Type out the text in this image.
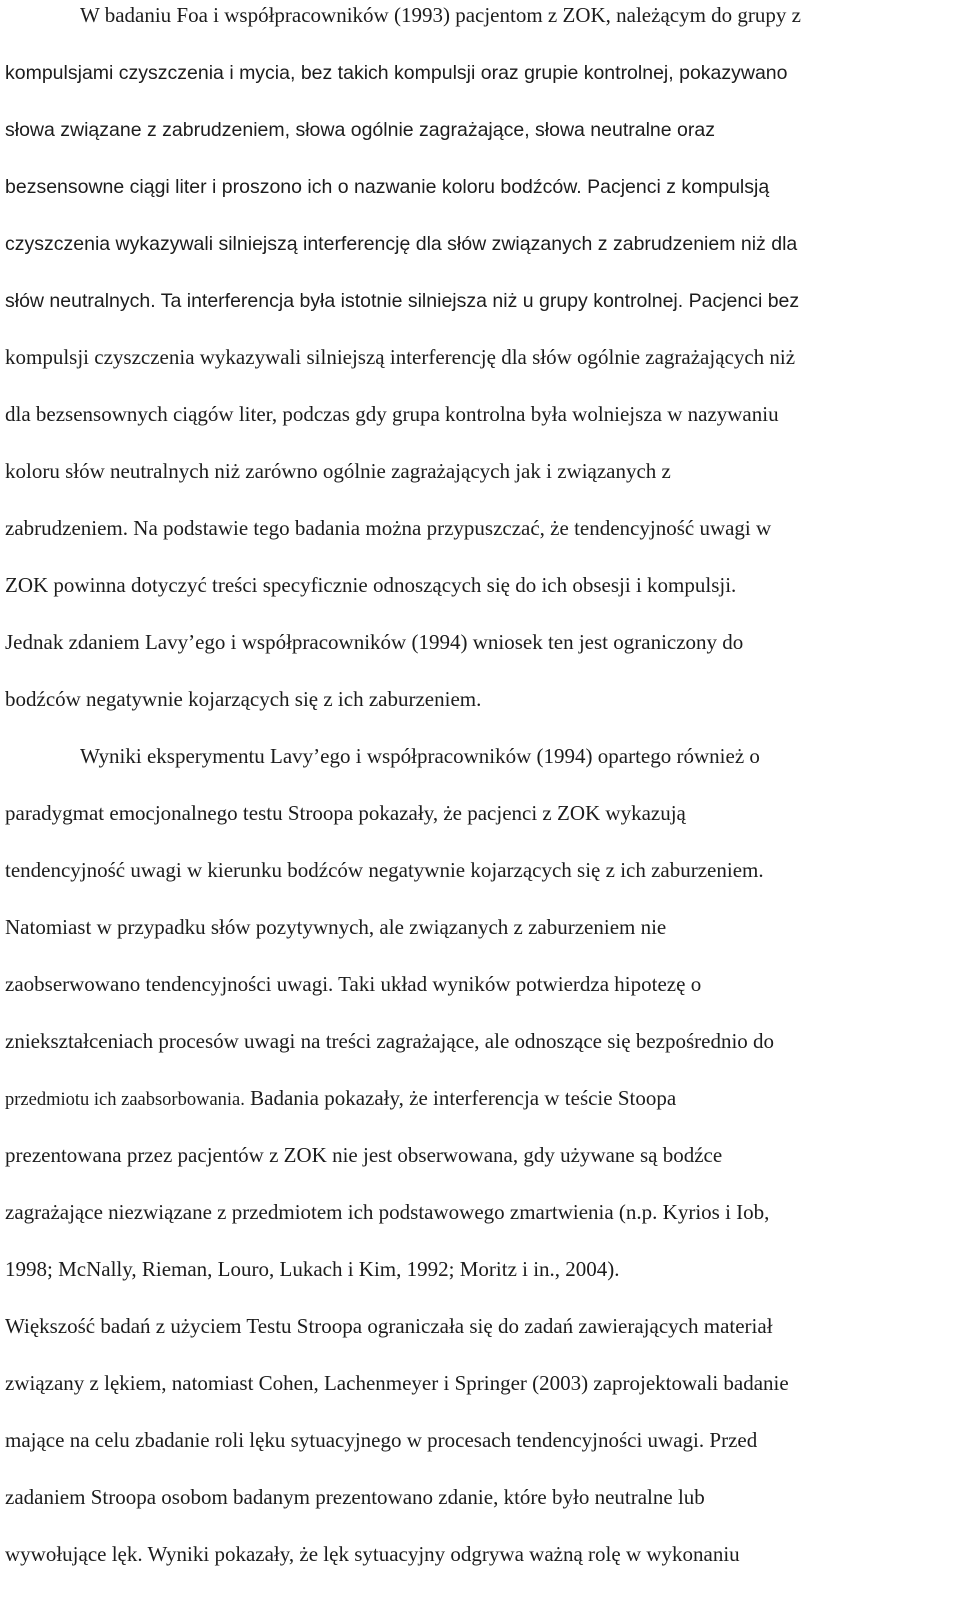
W badaniu Foa i współpracowników (1993) pacjentom z ZOK, należącym do grupy z
kompulsjami czyszczenia i mycia, bez takich kompulsji oraz grupie kontrolnej, pokazywano
słowa związane z zabrudzeniem, słowa ogólnie zagrażające, słowa neutralne oraz
bezsensowne ciągi liter i proszono ich o nazwanie koloru bodźców. Pacjenci z kompulsją
czyszczenia wykazywali silniejszą interferencję dla słów związanych z zabrudzeniem niż dla
słów neutralnych. Ta interferencja była istotnie silniejsza niż u grupy kontrolnej. Pacjenci bez
kompulsji czyszczenia wykazywali silniejszą interferencję dla słów ogólnie zagrażających niż
dla bezsensownych ciągów liter, podczas gdy grupa kontrolna była wolniejsza w nazywaniu
koloru słów neutralnych niż zarówno ogólnie zagrażających jak i związanych z
zabrudzeniem. Na podstawie tego badania można przypuszczać, że tendencyjność uwagi w
ZOK powinna dotyczyć treści specyficznie odnoszących się do ich obsesji i kompulsji.
Jednak zdaniem Lavy’ego i współpracowników (1994) wniosek ten jest ograniczony do
bodźców negatywnie kojarzących się z ich zaburzeniem.
Wyniki eksperymentu Lavy’ego i współpracowników (1994) opartego również o
paradygmat emocjonalnego testu Stroopa pokazały, że pacjenci z ZOK wykazują
tendencyjność uwagi w kierunku bodźców negatywnie kojarzących się z ich zaburzeniem.
Natomiast w przypadku słów pozytywnych, ale związanych z zaburzeniem nie
zaobserwowano tendencyjności uwagi. Taki układ wyników potwierdza hipotezę o
zniekształceniach procesów uwagi na treści zagrażające, ale odnoszące się bezpośrednio do
przedmiotu ich zaabsorbowania. Badania pokazały, że interferencja w teście Stoopa
prezentowana przez pacjentów z ZOK nie jest obserwowana, gdy używane są bodźce
zagrażające niezwiązane z przedmiotem ich podstawowego zmartwienia (n.p. Kyrios i Iob,
1998; McNally, Rieman, Louro, Lukach i Kim, 1992; Moritz i in., 2004).
Większość badań z użyciem Testu Stroopa ograniczała się do zadań zawierających materiał
związany z lękiem, natomiast Cohen, Lachenmeyer i Springer (2003) zaprojektowali badanie
mające na celu zbadanie roli lęku sytuacyjnego w procesach tendencyjności uwagi. Przed
zadaniem Stroopa osobom badanym prezentowano zdanie, które było neutralne lub
wywołujące lęk. Wyniki pokazały, że lęk sytuacyjny odgrywa ważną rolę w wykonaniu
